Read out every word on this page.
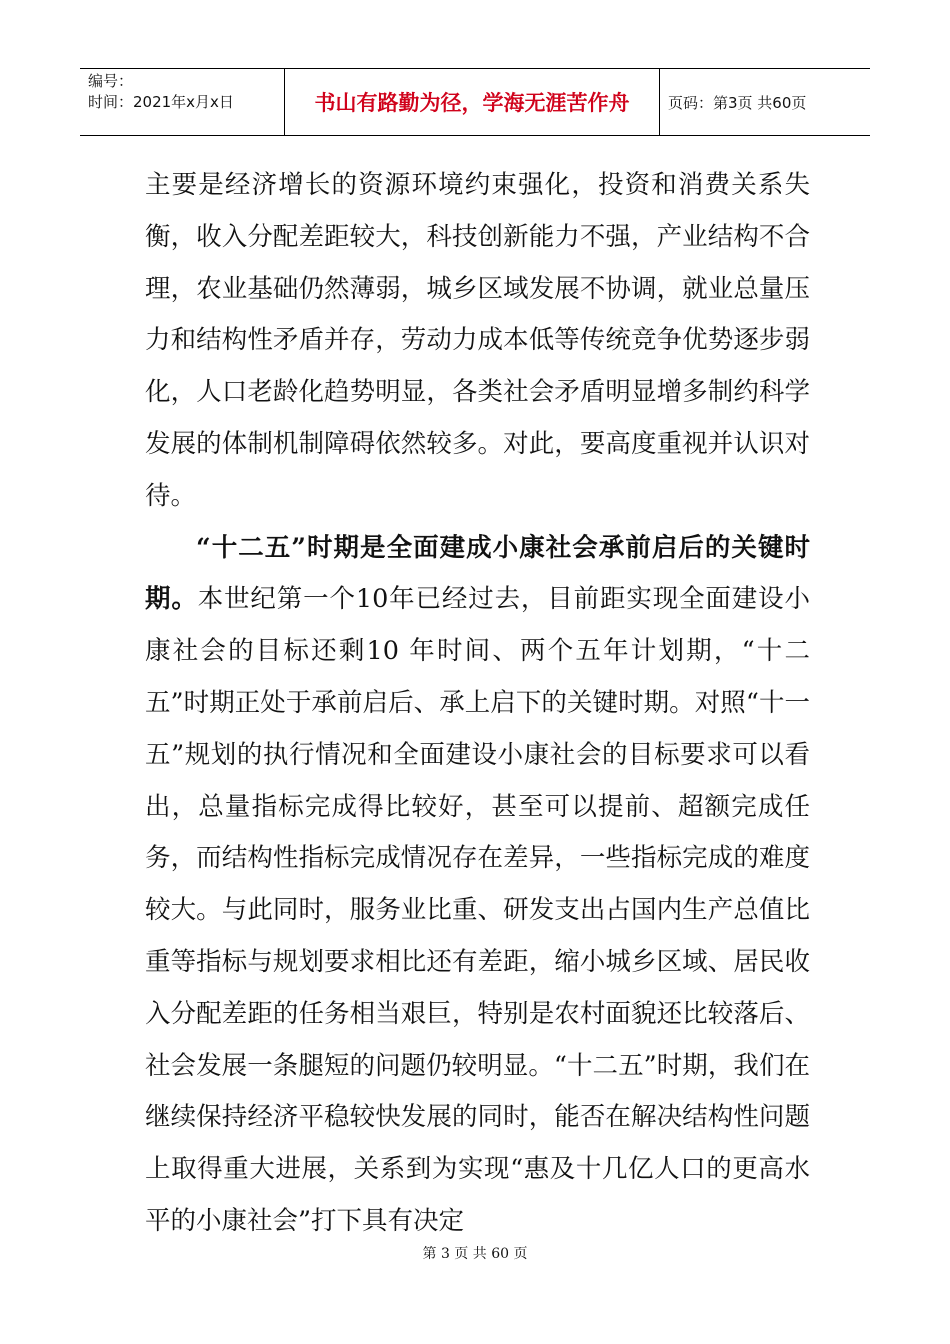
编号：
时间：2021年x月x日	书山有路勤为径，学海无涯苦作舟	页码：第3页 共60页

主要是经济增长的资源环境约束强化，投资和消费关系失衡，收入分配差距较大，科技创新能力不强，产业结构不合理，农业基础仍然薄弱，城乡区域发展不协调，就业总量压力和结构性矛盾并存，劳动力成本低等传统竞争优势逐步弱化，人口老龄化趋势明显，各类社会矛盾明显增多制约科学发展的体制机制障碍依然较多。对此，要高度重视并认识对待。

“十二五”时期是全面建成小康社会承前启后的关键时期。本世纪第一个10年已经过去，目前距实现全面建设小康社会的目标还剩10 年时间、两个五年计划期，“十二五”时期正处于承前启后、承上启下的关键时期。对照“十一五”规划的执行情况和全面建设小康社会的目标要求可以看出，总量指标完成得比较好，甚至可以提前、超额完成任务，而结构性指标完成情况存在差异，一些指标完成的难度较大。与此同时，服务业比重、研发支出占国内生产总值比重等指标与规划要求相比还有差距，缩小城乡区域、居民收入分配差距的任务相当艰巨，特别是农村面貌还比较落后、社会发展一条腿短的问题仍较明显。“十二五”时期，我们在继续保持经济平稳较快发展的同时，能否在解决结构性问题上取得重大进展，关系到为实现“惠及十几亿人口的更高水平的小康社会”打下具有决定

第 3 页 共 60 页
